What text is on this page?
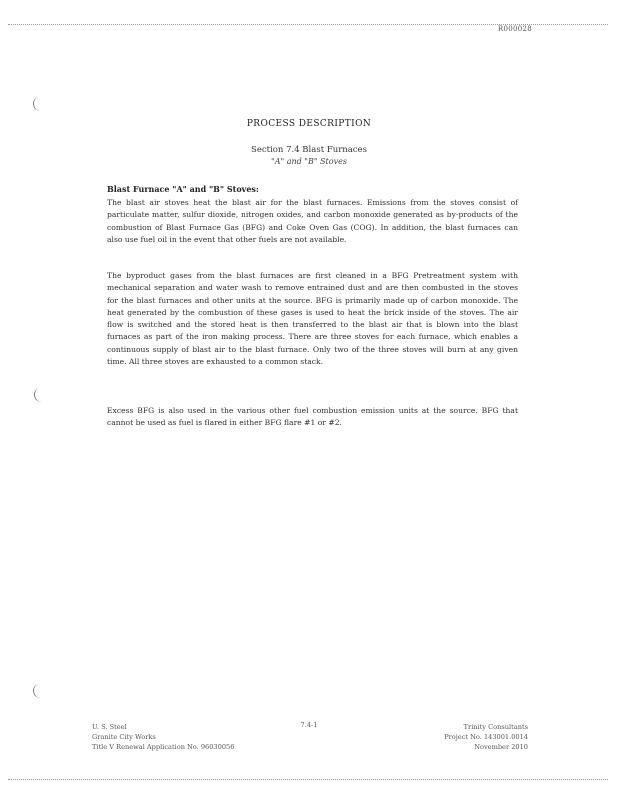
R000028
PROCESS DESCRIPTION
Section 7.4 Blast Furnaces
"A" and "B" Stoves
Blast Furnace "A" and "B" Stoves:
The blast air stoves heat the blast air for the blast furnaces. Emissions from the stoves consist of particulate matter, sulfur dioxide, nitrogen oxides, and carbon monoxide generated as by-products of the combustion of Blast Furnace Gas (BFG) and Coke Oven Gas (COG). In addition, the blast furnaces can also use fuel oil in the event that other fuels are not available.
The byproduct gases from the blast furnaces are first cleaned in a BFG Pretreatment system with mechanical separation and water wash to remove entrained dust and are then combusted in the stoves for the blast furnaces and other units at the source. BFG is primarily made up of carbon monoxide. The heat generated by the combustion of these gases is used to heat the brick inside of the stoves. The air flow is switched and the stored heat is then transferred to the blast air that is blown into the blast furnaces as part of the iron making process. There are three stoves for each furnace, which enables a continuous supply of blast air to the blast furnace. Only two of the three stoves will burn at any given time. All three stoves are exhausted to a common stack.
Excess BFG is also used in the various other fuel combustion emission units at the source. BFG that cannot be used as fuel is flared in either BFG flare #1 or #2.
U. S. Steel
Granite City Works
Title V Renewal Application No. 96030056
7.4-1	Trinity Consultants
Project No. 143001.0014
November 2010
